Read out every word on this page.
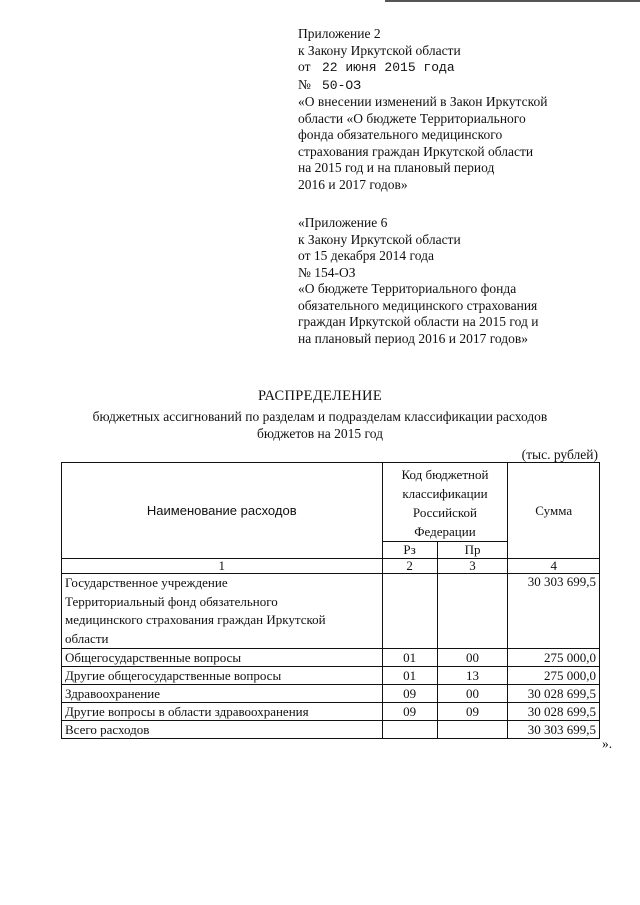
Приложение 2
к Закону Иркутской области
от 22 июня 2015 года
№ 50-ОЗ
«О внесении изменений в Закон Иркутской
области «О бюджете Территориального
фонда обязательного медицинского
страхования граждан Иркутской области
на 2015 год и на плановый период
2016 и 2017 годов»
«Приложение 6
к Закону Иркутской области
от 15 декабря 2014 года
№ 154-ОЗ
«О бюджете Территориального фонда
обязательного медицинского страхования
граждан Иркутской области на 2015 год и
на плановый период 2016 и 2017 годов»
РАСПРЕДЕЛЕНИЕ
бюджетных ассигнований по разделам и подразделам классификации расходов
бюджетов на 2015 год
(тыс. рублей)
Наименование расходов	Код бюджетной
классификации
Российской
Федерации		Сумма
	Рз	Пр	
1	2	3	4

Государственное учреждение
Территориальный фонд обязательного
медицинского страхования граждан Иркутской
области			30 303 699,5
Общегосударственные вопросы	01	00	275 000,0
Другие общегосударственные вопросы	01	13	275 000,0
Здравоохранение	09	00	30 028 699,5
Другие вопросы в области здравоохранения	09	09	30 028 699,5
Всего расходов			30 303 699,5
».
